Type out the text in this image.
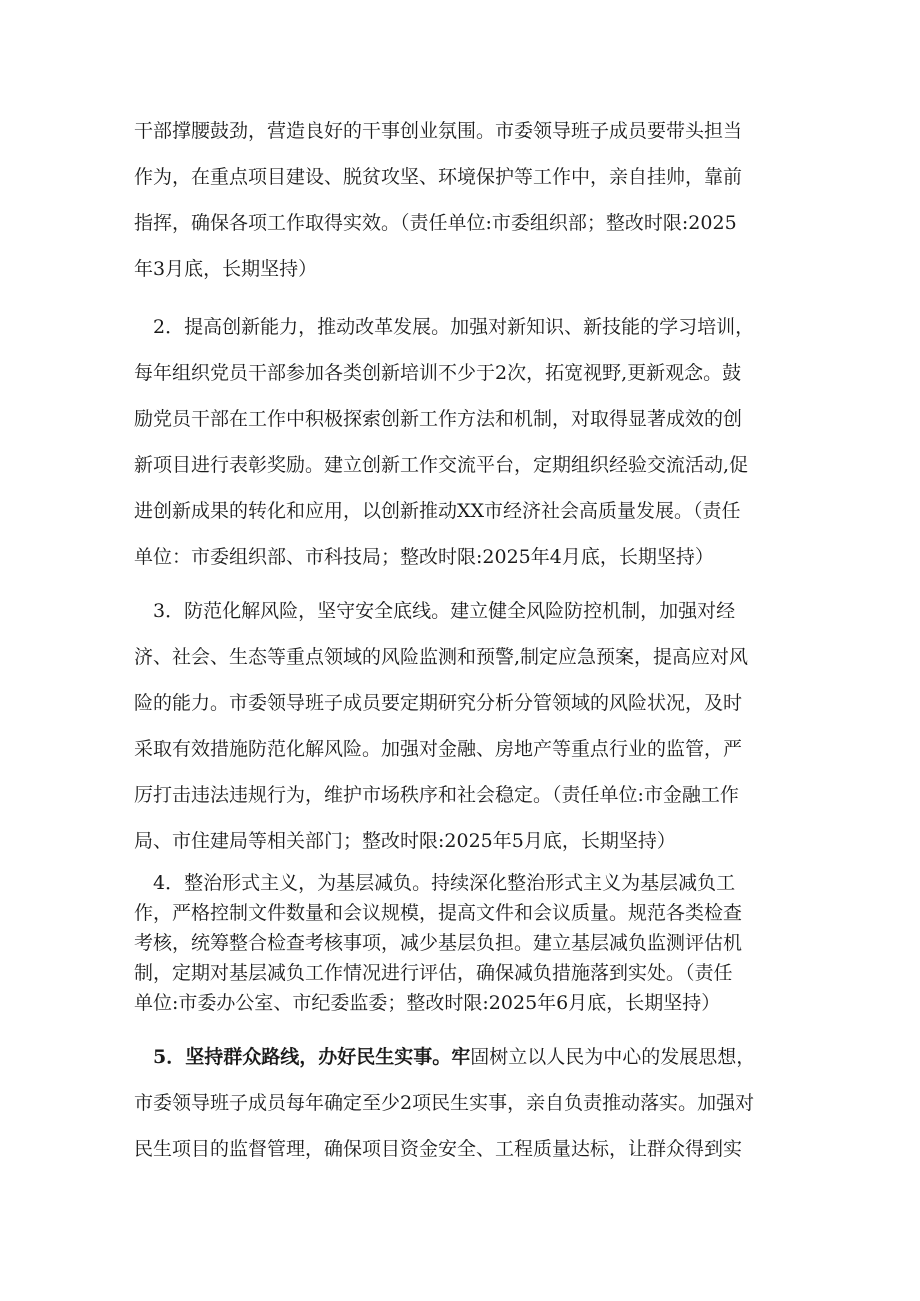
干部撑腰鼓劲，营造良好的干事创业氛围。市委领导班子成员要带头担当
作为，在重点项目建设、脱贫攻坚、环境保护等工作中，亲自挂帅，靠前
指挥，确保各项工作取得实效。（责任单位:市委组织部；整改时限:2025
年3月底，长期坚持）
　2．提高创新能力，推动改革发展。加强对新知识、新技能的学习培训，
每年组织党员干部参加各类创新培训不少于2次，拓宽视野,更新观念。鼓
励党员干部在工作中积极探索创新工作方法和机制，对取得显著成效的创
新项目进行表彰奖励。建立创新工作交流平台，定期组织经验交流活动,促
进创新成果的转化和应用，以创新推动XX市经济社会高质量发展。（责任
单位：市委组织部、市科技局；整改时限:2025年4月底，长期坚持）
　3．防范化解风险，坚守安全底线。建立健全风险防控机制，加强对经
济、社会、生态等重点领域的风险监测和预警,制定应急预案，提高应对风
险的能力。市委领导班子成员要定期研究分析分管领域的风险状况，及时
采取有效措施防范化解风险。加强对金融、房地产等重点行业的监管，严
厉打击违法违规行为，维护市场秩序和社会稳定。（责任单位:市金融工作
局、市住建局等相关部门；整改时限:2025年5月底，长期坚持）
　4．整治形式主义，为基层减负。持续深化整治形式主义为基层减负工
作，严格控制文件数量和会议规模，提高文件和会议质量。规范各类检查
考核，统筹整合检查考核事项，减少基层负担。建立基层减负监测评估机
制，定期对基层减负工作情况进行评估，确保减负措施落到实处。（责任
单位:市委办公室、市纪委监委；整改时限:2025年6月底，长期坚持）
　5．坚持群众路线，办好民生实事。牢固树立以人民为中心的发展思想，
市委领导班子成员每年确定至少2项民生实事，亲自负责推动落实。加强对
民生项目的监督管理，确保项目资金安全、工程质量达标，让群众得到实
